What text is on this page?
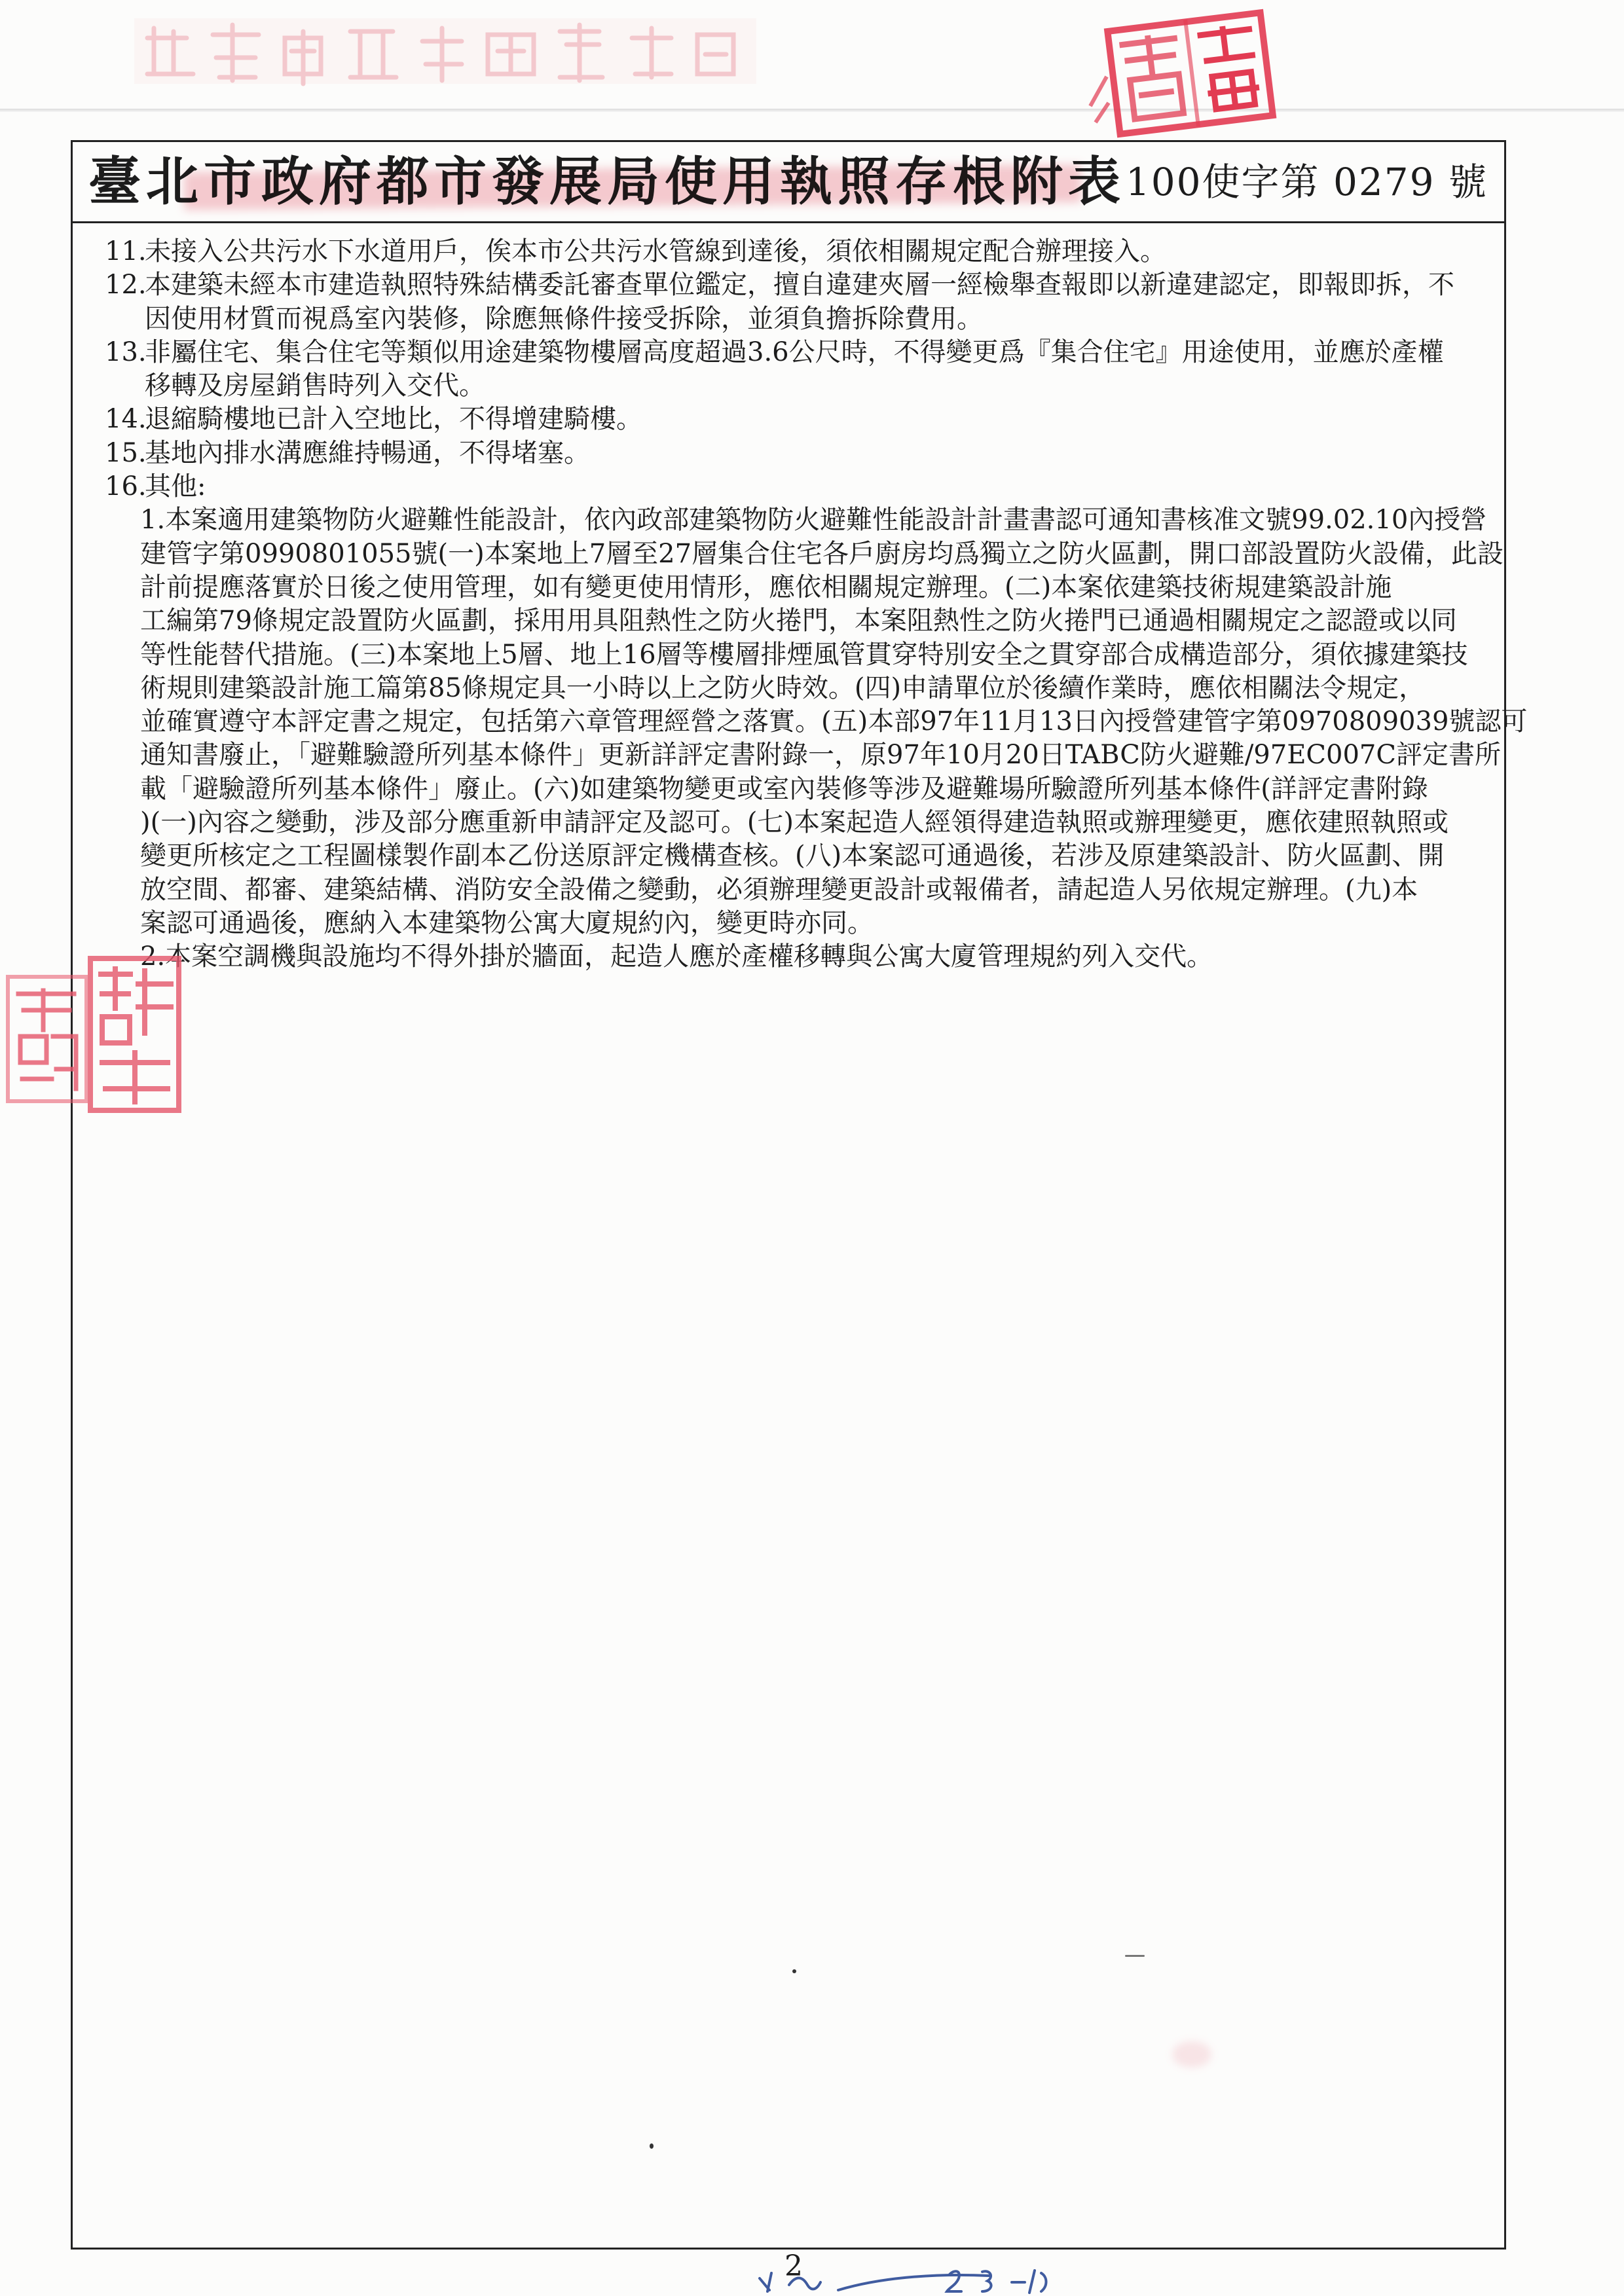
臺北市政府都市發展局使用執照存根附表 100使字第 0279 號
11.
未接入公共污水下水道用戶，俟本市公共污水管線到達後，須依相關規定配合辦理接入。
12.
本建築未經本市建造執照特殊結構委託審查單位鑑定，擅自違建夾層一經檢舉查報即以新違建認定，即報即拆，不
因使用材質而視爲室內裝修，除應無條件接受拆除，並須負擔拆除費用。
13.
非屬住宅、集合住宅等類似用途建築物樓層高度超過3.6公尺時，不得變更爲『集合住宅』用途使用，並應於產權
移轉及房屋銷售時列入交代。
14.
退縮騎樓地已計入空地比，不得增建騎樓。
15.
基地內排水溝應維持暢通，不得堵塞。
16.
其他:
1.本案適用建築物防火避難性能設計，依內政部建築物防火避難性能設計計畫書認可通知書核准文號99.02.10內授營
建管字第0990801055號(一)本案地上7層至27層集合住宅各戶廚房均爲獨立之防火區劃，開口部設置防火設備，此設
計前提應落實於日後之使用管理，如有變更使用情形，應依相關規定辦理。(二)本案依建築技術規建築設計施
工編第79條規定設置防火區劃，採用用具阻熱性之防火捲門，本案阻熱性之防火捲門已通過相關規定之認證或以同
等性能替代措施。(三)本案地上5層、地上16層等樓層排煙風管貫穿特別安全之貫穿部合成構造部分，須依據建築技
術規則建築設計施工篇第85條規定具一小時以上之防火時效。(四)申請單位於後續作業時，應依相關法令規定，
並確實遵守本評定書之規定，包括第六章管理經營之落實。(五)本部97年11月13日內授營建管字第0970809039號認可
通知書廢止，「避難驗證所列基本條件」更新詳評定書附錄一，原97年10月20日TABC防火避難/97EC007C評定書所
載「避驗證所列基本條件」廢止。(六)如建築物變更或室內裝修等涉及避難場所驗證所列基本條件(詳評定書附錄
)(一)內容之變動，涉及部分應重新申請評定及認可。(七)本案起造人經領得建造執照或辦理變更，應依建照執照或
變更所核定之工程圖樣製作副本乙份送原評定機構查核。(八)本案認可通過後，若涉及原建築設計、防火區劃、開
放空間、都審、建築結構、消防安全設備之變動，必須辦理變更設計或報備者，請起造人另依規定辦理。(九)本
案認可通過後，應納入本建築物公寓大廈規約內，變更時亦同。
2.本案空調機與設施均不得外掛於牆面，起造人應於產權移轉與公寓大廈管理規約列入交代。
2
